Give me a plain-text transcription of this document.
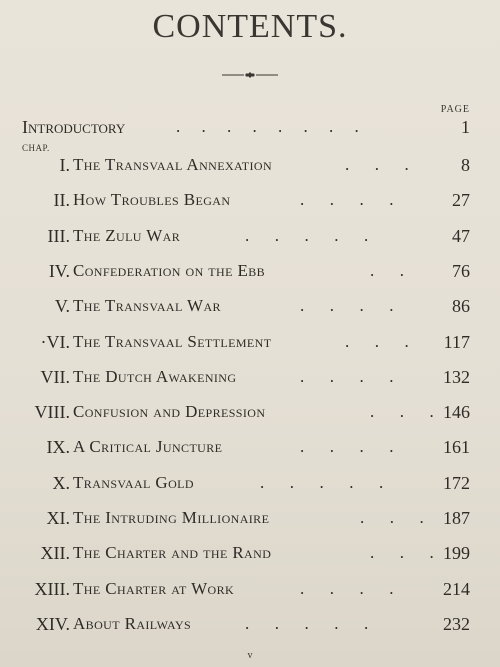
CONTENTS.
PAGE
Introductory	.     .     .     .     .     .     .     .	1
CHAP.
I. The Transvaal Annexation	.      .      .	8
II. How Troubles Began	.      .      .      .	27
III. The Zulu War	.      .      .      .      .	47
IV. Confederation on the Ebb	.      .	76
V. The Transvaal War	.      .      .      .	86
·VI. The Transvaal Settlement	.      .      . 117
VII. The Dutch Awakening	.      .      .      .	132
VIII. Confusion and Depression	.      .      . 146
IX. A Critical Juncture	.      .      .      .	161
X. Transvaal Gold	.      .      .      .      .	172
XI. The Intruding Millionaire	.      .      . 187
XII. The Charter and the Rand	.      .      . 199
XIII. The Charter at Work	.      .      .      .	214
XIV. About Railways	.      .      .      .      .	232
v
